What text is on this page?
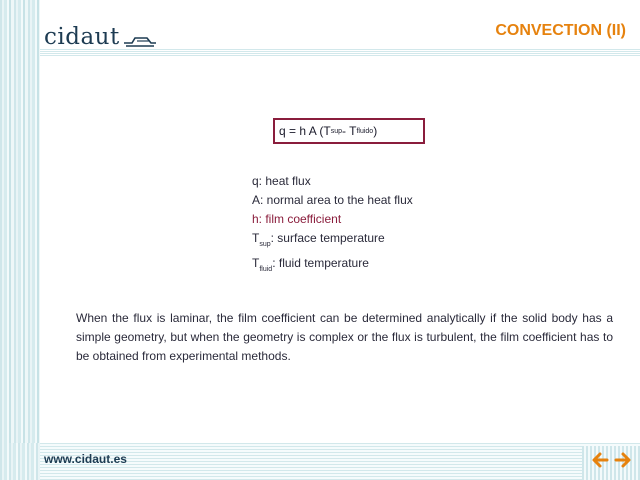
cidaut	CONVECTION (II)
q = h A (T sup - T fluido )
q: heat flux
A: normal area to the heat flux
h: film coefficient
$T_{sup}$: surface temperature
$T_{fluid}$: fluid temperature
When the flux is laminar, the film coefficient can be determined analytically if the solid body has a simple geometry, but when the geometry is complex or the flux is turbulent, the film coefficient has to be obtained from experimental methods.
www.cidaut.es
